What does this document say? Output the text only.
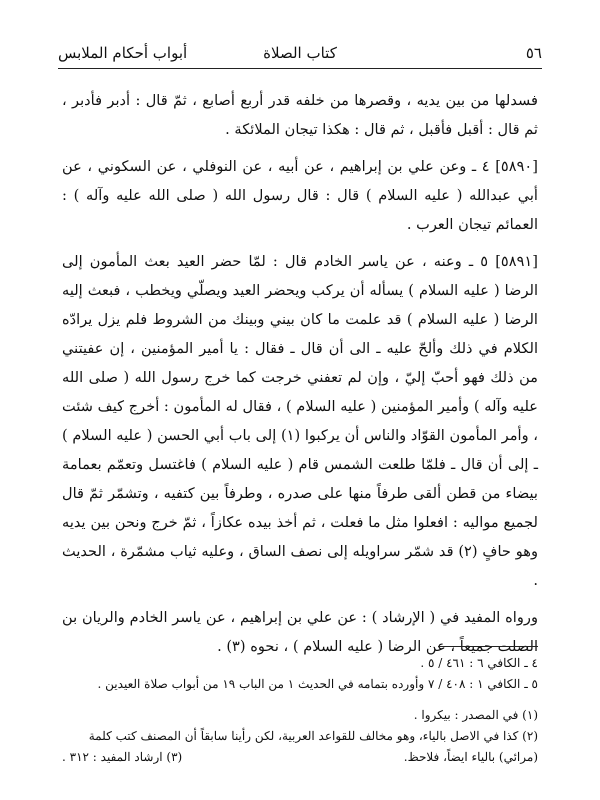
٥٦
كتاب الصلاة
أبواب أحكام الملابس

فسدلها من بين يديه ، وقصرها من خلفه قدر أربع أصابع ، ثمّ قال : أدبر فأدبر ، ثم قال : أقبل فأقبل ، ثم قال : هكذا تيجان الملائكة .

[٥٨٩٠] ٤ ـ وعن علي بن إبراهيم ، عن أبيه ، عن النوفلي ، عن السكوني ، عن أبي عبدالله ( عليه السلام ) قال : قال رسول الله ( صلى الله عليه وآله ) : العمائم تيجان العرب .

[٥٨٩١] ٥ ـ وعنه ، عن ياسر الخادم قال : لمّا حضر العيد بعث المأمون إلى الرضا ( عليه السلام ) يسأله أن يركب ويحضر العيد ويصلّي ويخطب ، فبعث إليه الرضا ( عليه السلام ) قد علمت ما كان بيني وبينك من الشروط فلم يزل يرادّه الكلام في ذلك وألحّ عليه ـ الى أن قال ـ فقال : يا أمير المؤمنين ، إن عفيتني من ذلك فهو أحبّ إليّ ، وإن لم تعفني خرجت كما خرج رسول الله ( صلى الله عليه وآله ) وأمير المؤمنين ( عليه السلام ) ، فقال له المأمون : أخرج كيف شئت ، وأمر المأمون القوّاد والناس أن يركبوا (١) إلى باب أبي الحسن ( عليه السلام ) ـ إلى أن قال ـ فلمّا طلعت الشمس قام ( عليه السلام ) فاغتسل وتعمّم بعمامة بيضاء من قطن ألقى طرفاً منها على صدره ، وطرفاً بين كتفيه ، وتشمّر ثمّ قال لجميع مواليه : افعلوا مثل ما فعلت ، ثم أخذ بيده عكازاً ، ثمّ خرج ونحن بين يديه وهو حافٍ (٢) قد شمّر سراويله إلى نصف الساق ، وعليه ثياب مشمّرة ، الحديث .

ورواه المفيد في ( الإرشاد ) : عن علي بن إبراهيم ، عن ياسر الخادم والريان بن الصلت جميعاً ، عن الرضا ( عليه السلام ) ، نحوه (٣) .

٤ ـ الكافي ٦ : ٤٦١ / ٥ .
٥ ـ الكافي ١ : ٤٠٨ / ٧ وأورده بتمامه في الحديث ١ من الباب ١٩ من أبواب صلاة العيدين .
(١) في المصدر : بيكروا .
(٢) كذا في الاصل بالياء، وهو مخالف للقواعد العربية، لكن رأينا سابقاً أن المصنف كتب كلمة
(مرائي) بالياء ايضاً، فلاحظ.
(٣) ارشاد المفيد : ٣١٢ .
